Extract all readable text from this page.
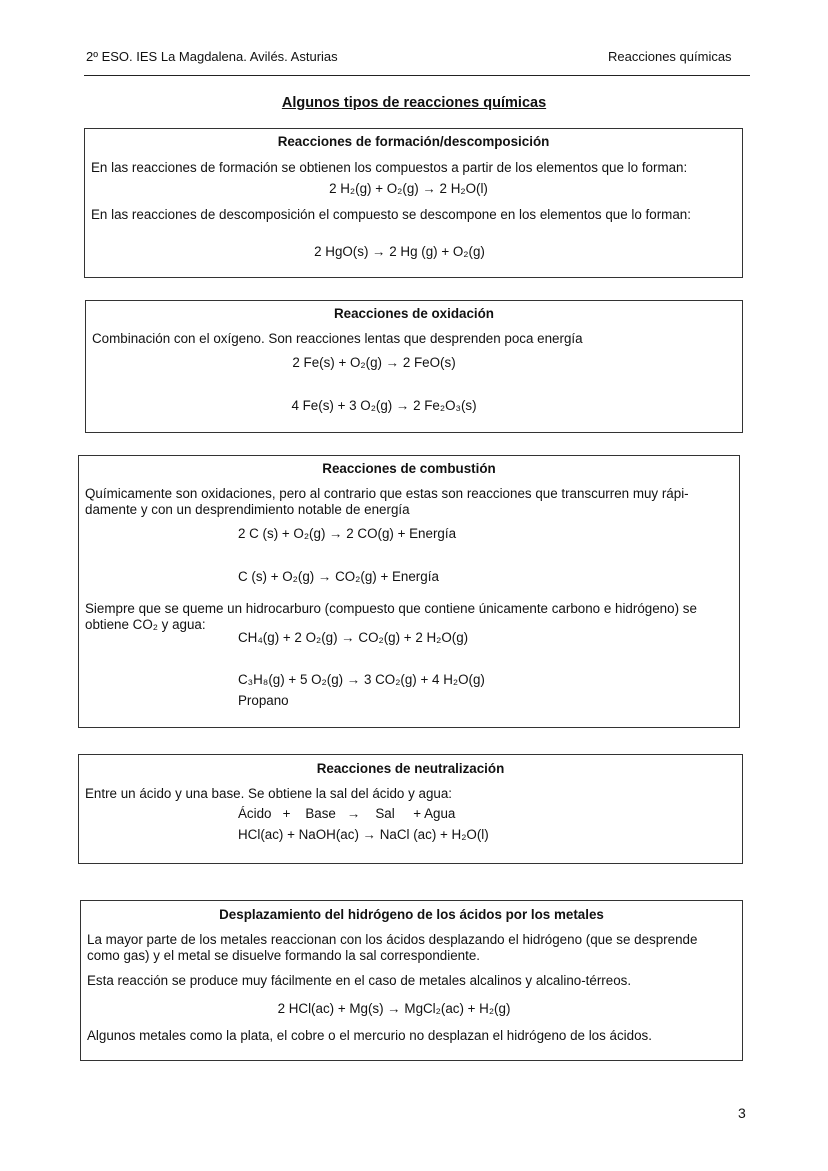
2º ESO. IES La Magdalena. Avilés. Asturias	Reacciones químicas
Algunos tipos de reacciones químicas
Reacciones de formación/descomposición
En las reacciones de formación se obtienen los compuestos a partir de los elementos que lo forman:
2 H₂(g) + O₂(g) → 2 H₂O(l)
En las reacciones de descomposición el compuesto se descompone en los elementos que lo forman:
2 HgO(s) → 2 Hg (g) + O₂(g)
Reacciones de oxidación
Combinación con el oxígeno. Son reacciones lentas que desprenden poca energía
2 Fe(s) + O₂(g) → 2 FeO(s)
4 Fe(s) + 3 O₂(g) → 2 Fe₂O₃(s)
Reacciones de combustión
Químicamente son oxidaciones, pero al contrario que estas son reacciones que transcurren muy rápi-
damente y con un desprendimiento notable de energía
2 C (s) + O₂(g) → 2 CO(g) + Energía
C (s) + O₂(g) → CO₂(g) + Energía
Siempre que se queme un hidrocarburo (compuesto que contiene únicamente carbono e hidrógeno) se
obtiene CO₂ y agua:
CH₄(g) + 2 O₂(g) → CO₂(g) + 2 H₂O(g)
C₃H₈(g) + 5 O₂(g) → 3 CO₂(g) + 4 H₂O(g)
Propano
Reacciones de neutralización
Entre un ácido y una base. Se obtiene la sal del ácido y agua:
Ácido   +    Base   →    Sal     + Agua
HCl(ac) + NaOH(ac) → NaCl (ac) + H₂O(l)
Desplazamiento del hidrógeno de los ácidos por los metales
La mayor parte de los metales reaccionan con los ácidos desplazando el hidrógeno (que se desprende
como gas) y el metal se disuelve formando la sal correspondiente.
Esta reacción se produce muy fácilmente en el caso de metales alcalinos y alcalino-térreos.
2 HCl(ac) + Mg(s) → MgCl₂(ac) + H₂(g)
Algunos metales como la plata, el cobre o el mercurio no desplazan el hidrógeno de los ácidos.
3
